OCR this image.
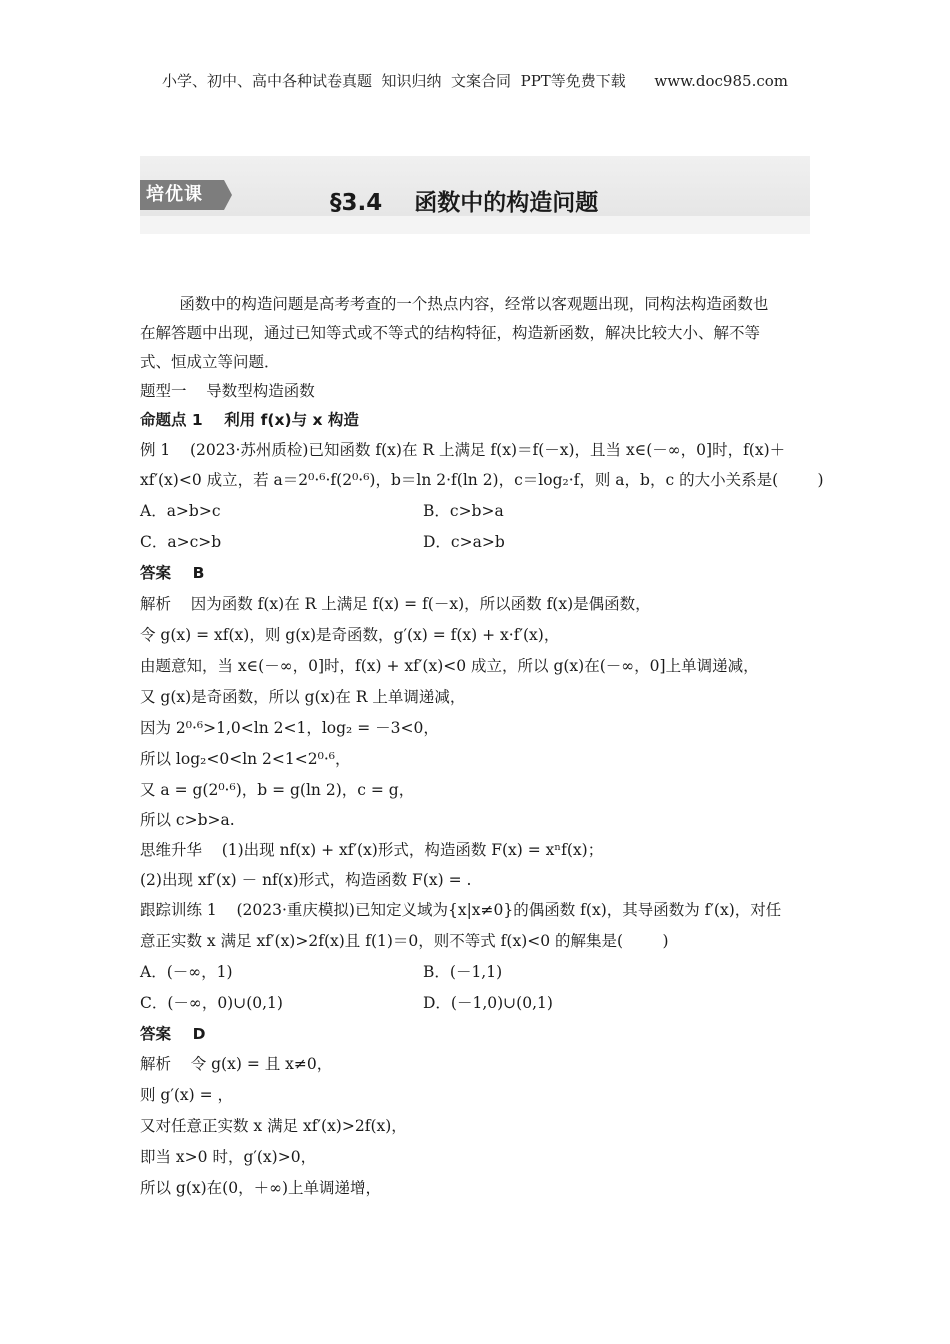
小学、初中、高中各种试卷真题  知识归纳  文案合同  PPT等免费下载      www.doc985.com
培优课	§3.4    函数中的构造问题
函数中的构造问题是高考考查的一个热点内容，经常以客观题出现，同构法构造函数也
在解答题中出现，通过已知等式或不等式的结构特征，构造新函数，解决比较大小、解不等
式、恒成立等问题．
题型一    导数型构造函数
命题点 1    利用 f(x)与 x 构造
例 1    (2023·苏州质检)已知函数 f(x)在 R 上满足 f(x)＝f(－x)，且当 x∈(－∞，0]时，f(x)＋
xf′(x)<0 成立，若 a＝2⁰·⁶·f(2⁰·⁶)，b＝ln 2·f(ln 2)，c＝log₂·f，则 a，b，c 的大小关系是(        )
A．a>b>c	B．c>b>a
C．a>c>b	D．c>a>b
答案    B
解析    因为函数 f(x)在 R 上满足 f(x) = f(－x)，所以函数 f(x)是偶函数，
令 g(x) = xf(x)，则 g(x)是奇函数，g′(x) = f(x) + x·f′(x)，
由题意知，当 x∈(－∞，0]时，f(x) + xf′(x)<0 成立，所以 g(x)在(－∞，0]上单调递减，
又 g(x)是奇函数，所以 g(x)在 R 上单调递减，
因为 2⁰·⁶>1,0<ln 2<1，log₂ = －3<0，
所以 log₂<0<ln 2<1<2⁰·⁶，
又 a = g(2⁰·⁶)，b = g(ln 2)，c = g，
所以 c>b>a.
思维升华    (1)出现 nf(x) + xf′(x)形式，构造函数 F(x) = xⁿf(x)；
(2)出现 xf′(x) － nf(x)形式，构造函数 F(x) = .
跟踪训练 1    (2023·重庆模拟)已知定义域为{x|x≠0}的偶函数 f(x)，其导函数为 f′(x)，对任
意正实数 x 满足 xf′(x)>2f(x)且 f(1)＝0，则不等式 f(x)<0 的解集是(        )
A．(－∞，1)	B．(－1,1)
C．(－∞，0)∪(0,1)	D．(－1,0)∪(0,1)
答案    D
解析    令 g(x) = 且 x≠0，
则 g′(x) = ，
又对任意正实数 x 满足 xf′(x)>2f(x)，
即当 x>0 时，g′(x)>0，
所以 g(x)在(0，＋∞)上单调递增，
